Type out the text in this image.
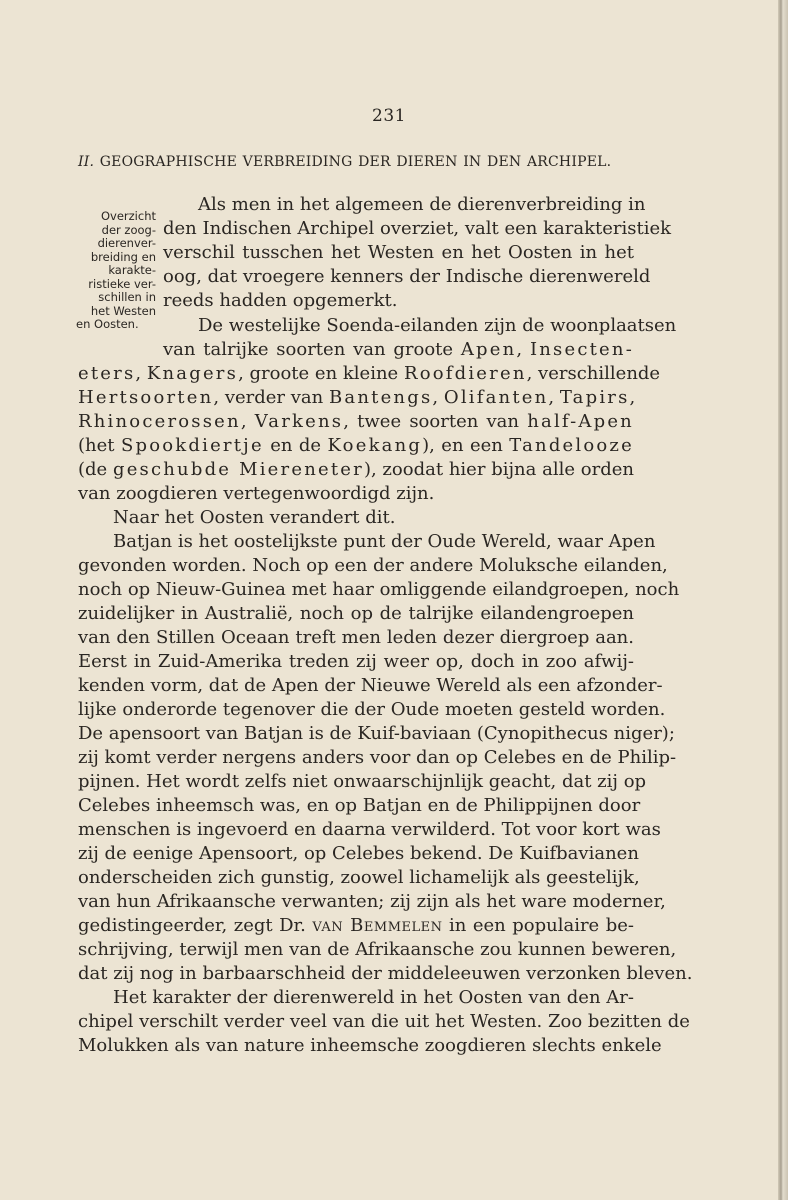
231
II. GEOGRAPHISCHE VERBREIDING DER DIEREN IN DEN ARCHIPEL.
Overzicht
der zoog-
dierenver-
breiding en
karakte-
ristieke ver-
schillen in
het Westen
en Oosten.
Als men in het algemeen de dierenverbreiding in
den Indischen Archipel overziet, valt een karakteristiek
verschil tusschen het Westen en het Oosten in het
oog, dat vroegere kenners der Indische dierenwereld
reeds hadden opgemerkt.
De westelijke Soenda-eilanden zijn de woonplaatsen
van talrijke soorten van groote Apen, Insecten-
eters, Knagers, groote en kleine Roofdieren, verschillende
Hertsoorten, verder van Bantengs, Olifanten, Tapirs,
Rhinocerossen, Varkens, twee soorten van half-Apen
(het Spookdiertje en de Koekang), en een Tandelooze
(de geschubde Miereneter), zoodat hier bijna alle orden
van zoogdieren vertegenwoordigd zijn.
Naar het Oosten verandert dit.
Batjan is het oostelijkste punt der Oude Wereld, waar Apen
gevonden worden. Noch op een der andere Moluksche eilanden,
noch op Nieuw-Guinea met haar omliggende eilandgroepen, noch
zuidelijker in Australië, noch op de talrijke eilandengroepen
van den Stillen Oceaan treft men leden dezer diergroep aan.
Eerst in Zuid-Amerika treden zij weer op, doch in zoo afwij-
kenden vorm, dat de Apen der Nieuwe Wereld als een afzonder-
lijke onderorde tegenover die der Oude moeten gesteld worden.
De apensoort van Batjan is de Kuif-baviaan (Cynopithecus niger);
zij komt verder nergens anders voor dan op Celebes en de Philip-
pijnen. Het wordt zelfs niet onwaarschijnlijk geacht, dat zij op
Celebes inheemsch was, en op Batjan en de Philippijnen door
menschen is ingevoerd en daarna verwilderd. Tot voor kort was
zij de eenige Apensoort, op Celebes bekend. De Kuifbavianen
onderscheiden zich gunstig, zoowel lichamelijk als geestelijk,
van hun Afrikaansche verwanten; zij zijn als het ware moderner,
gedistingeerder, zegt Dr. van Bemmelen in een populaire be-
schrijving, terwijl men van de Afrikaansche zou kunnen beweren,
dat zij nog in barbaarschheid der middeleeuwen verzonken bleven.
Het karakter der dierenwereld in het Oosten van den Ar-
chipel verschilt verder veel van die uit het Westen. Zoo bezitten de
Molukken als van nature inheemsche zoogdieren slechts enkele
